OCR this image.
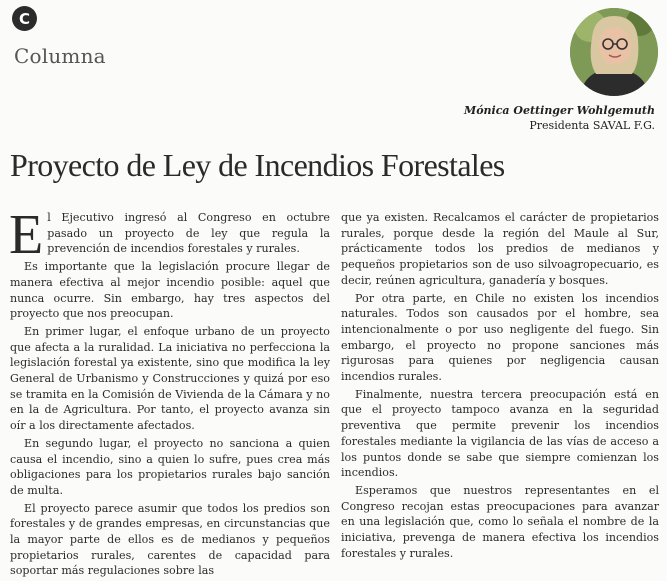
C
Columna
Mónica Oettinger Wohlgemuth
Presidenta SAVAL F.G.
Proyecto de Ley de Incendios Forestales

El Ejecutivo ingresó al Congreso en octubre pasado un proyecto de ley que regula la prevención de incendios forestales y rurales.

Es importante que la legislación procure llegar de manera efectiva al mejor incendio posible: aquel que nunca ocurre. Sin embargo, hay tres aspectos del proyecto que nos preocupan.

En primer lugar, el enfoque urbano de un proyecto que afecta a la ruralidad. La iniciativa no perfecciona la legislación forestal ya existente, sino que modifica la ley General de Urbanismo y Construcciones y quizá por eso se tramita en la Comisión de Vivienda de la Cámara y no en la de Agricultura. Por tanto, el proyecto avanza sin oír a los directamente afectados.

En segundo lugar, el proyecto no sanciona a quien causa el incendio, sino a quien lo sufre, pues crea más obligaciones para los propietarios rurales bajo sanción de multa.

El proyecto parece asumir que todos los predios son forestales y de grandes empresas, en circunstancias que la mayor parte de ellos es de medianos y pequeños propietarios rurales, carentes de capacidad para soportar más regulaciones sobre las

que ya existen. Recalcamos el carácter de propietarios rurales, porque desde la región del Maule al Sur, prácticamente todos los predios de medianos y pequeños propietarios son de uso silvoagropecuario, es decir, reúnen agricultura, ganadería y bosques.

Por otra parte, en Chile no existen los incendios naturales. Todos son causados por el hombre, sea intencionalmente o por uso negligente del fuego. Sin embargo, el proyecto no propone sanciones más rigurosas para quienes por negligencia causan incendios rurales.

Finalmente, nuestra tercera preocupación está en que el proyecto tampoco avanza en la seguridad preventiva que permite prevenir los incendios forestales mediante la vigilancia de las vías de acceso a los puntos donde se sabe que siempre comienzan los incendios.

Esperamos que nuestros representantes en el Congreso recojan estas preocupaciones para avanzar en una legislación que, como lo señala el nombre de la iniciativa, prevenga de manera efectiva los incendios forestales y rurales.
